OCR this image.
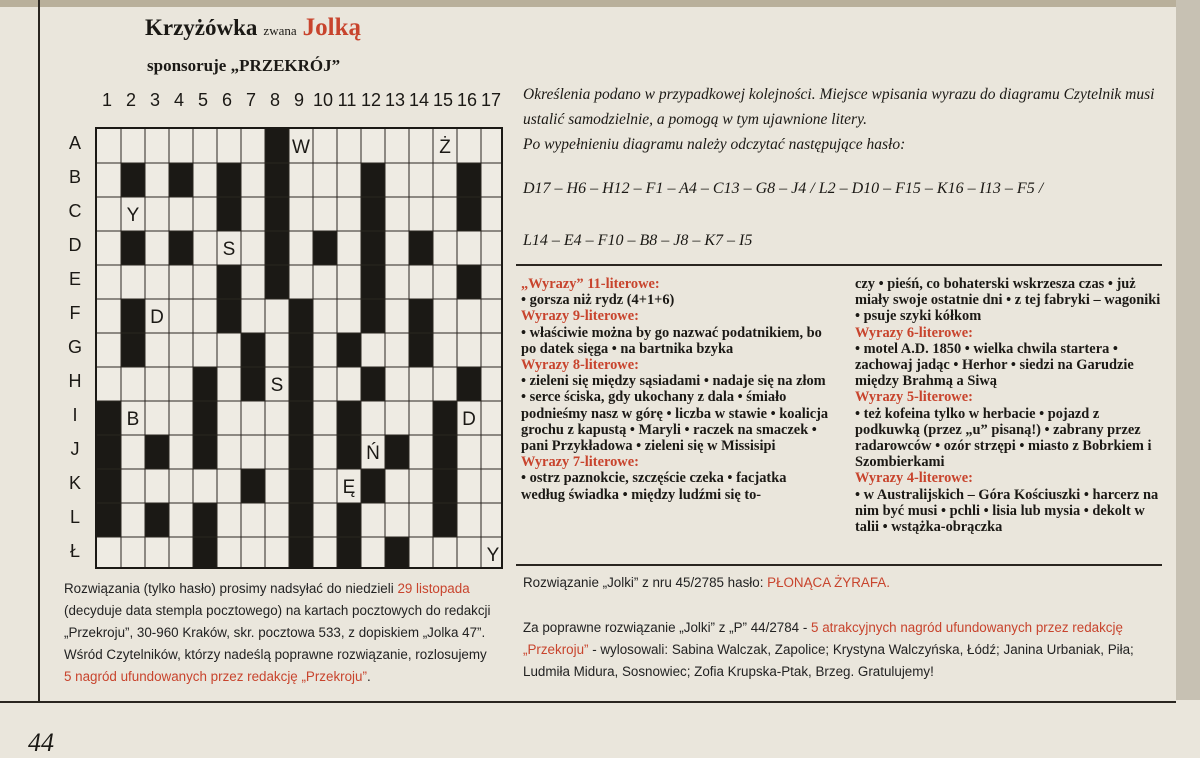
Krzyżówka zwana Jolką
sponsoruje „PRZEKRÓJ”
1 2 3 4 5 6 7 8 9 10 11 12 13 14 15 16 17
A
B
C
D
E
F
G
H
I
J
K
L
Ł
W	Ż
Y
S
D
S
B	D
Ń
Ę
Y
Określenia podano w przypadkowej kolejności. Miejsce wpisania wyrazu do diagramu Czytelnik musi ustalić samodzielnie, a pomogą w tym ujawnione litery.
Po wypełnieniu diagramu należy odczytać następujące hasło:
D17 – H6 – H12 – F1 – A4 – C13 – G8 – J4 / L2 – D10 – F15 – K16 – I13 – F5 /
L14 – E4 – F10 – B8 – J8 – K7 – I5
„Wyrazy” 11-literowe:
• gorsza niż rydz (4+1+6)
Wyrazy 9-literowe:
• właściwie można by go nazwać podatnikiem, bo po datek sięga • na bartnika bzyka
Wyrazy 8-literowe:
• zieleni się między sąsiadami • nadaje się na złom • serce ściska, gdy ukochany z dala • śmiało podnieśmy nasz w górę • liczba w stawie • koalicja grochu z kapustą • Maryli • raczek na smaczek • pani Przykładowa • zieleni się w Missisipi
Wyrazy 7-literowe:
• ostrz paznokcie, szczęście czeka • facjatka według świadka • między ludźmi się to-
czy • pieśń, co bohaterski wskrzesza czas • już miały swoje ostatnie dni • z tej fabryki – wagoniki • psuje szyki kółkom
Wyrazy 6-literowe:
• motel A.D. 1850 • wielka chwila startera • zachowaj jadąc • Herhor • siedzi na Garudzie między Brahmą a Siwą
Wyrazy 5-literowe:
• też kofeina tylko w herbacie • pojazd z podkuwką (przez „u” pisaną!) • zabrany przez radarowców • ozór strzępi • miasto z Bobrkiem i Szombierkami
Wyrazy 4-literowe:
• w Australijskich – Góra Kościuszki • harcerz na nim być musi • pchli • lisia lub mysia • dekolt w talii • wstążka-obrączka
Rozwiązania (tylko hasło) prosimy nadsyłać do niedzieli 29 listopada (decyduje data stempla pocztowego) na kartach pocztowych do redakcji „Przekroju”, 30-960 Kraków, skr. pocztowa 533, z dopiskiem „Jolka 47”. Wśród Czytelników, którzy nadeślą poprawne rozwiązanie, rozlosujemy 5 nagród ufundowanych przez redakcję „Przekroju”.
Rozwiązanie „Jolki” z nru 45/2785 hasło: PŁONĄCA ŻYRAFA.
Za poprawne rozwiązanie „Jolki” z „P” 44/2784 - 5 atrakcyjnych nagród ufundowanych przez redakcję „Przekroju” - wylosowali: Sabina Walczak, Zapolice; Krystyna Walczyńska, Łódź; Janina Urbaniak, Piła; Ludmiła Midura, Sosnowiec; Zofia Krupska-Ptak, Brzeg. Gratulujemy!
44
